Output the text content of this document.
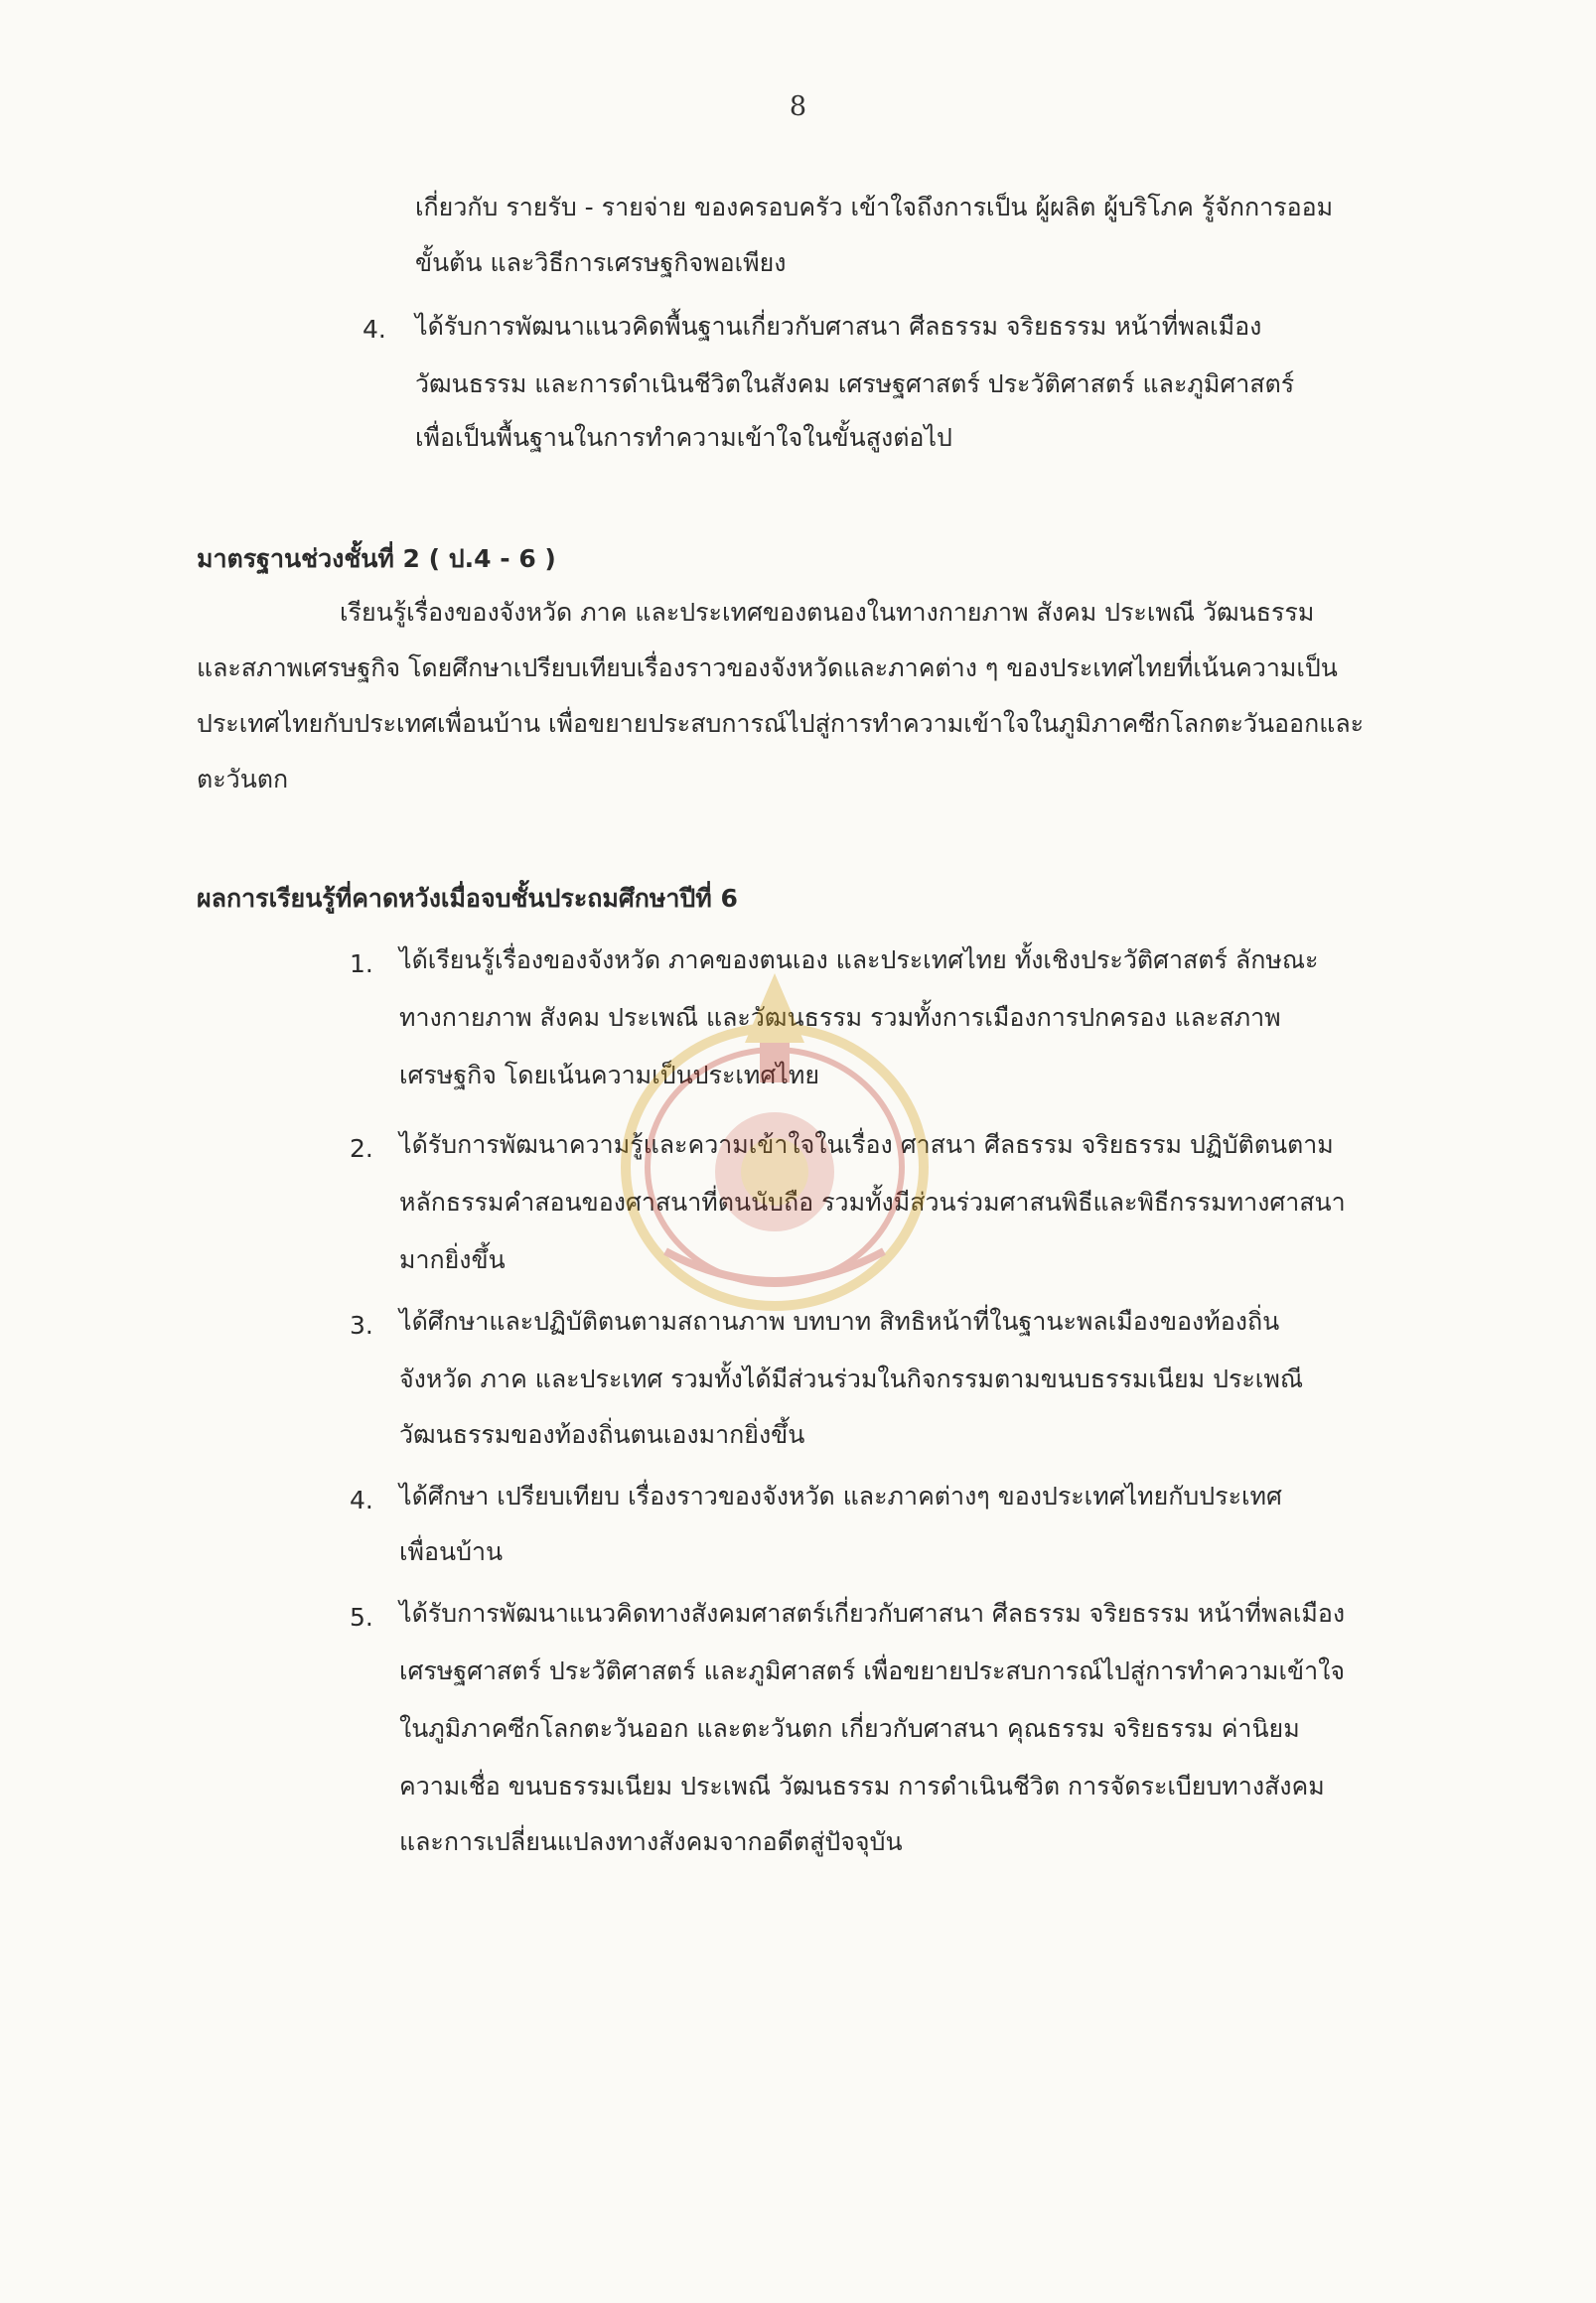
8
เกี่ยวกับ รายรับ - รายจ่าย ของครอบครัว เข้าใจถึงการเป็น ผู้ผลิต ผู้บริโภค รู้จักการออม
ขั้นต้น และวิธีการเศรษฐกิจพอเพียง
4. ได้รับการพัฒนาแนวคิดพื้นฐานเกี่ยวกับศาสนา ศีลธรรม จริยธรรม หน้าที่พลเมือง
วัฒนธรรม และการดำเนินชีวิตในสังคม เศรษฐศาสตร์ ประวัติศาสตร์ และภูมิศาสตร์
เพื่อเป็นพื้นฐานในการทำความเข้าใจในขั้นสูงต่อไป
มาตรฐานช่วงชั้นที่ 2 ( ป.4 - 6 )
เรียนรู้เรื่องของจังหวัด ภาค และประเทศของตนองในทางกายภาพ สังคม ประเพณี วัฒนธรรม
และสภาพเศรษฐกิจ โดยศึกษาเปรียบเทียบเรื่องราวของจังหวัดและภาคต่าง ๆ ของประเทศไทยที่เน้นความเป็น
ประเทศไทยกับประเทศเพื่อนบ้าน เพื่อขยายประสบการณ์ไปสู่การทำความเข้าใจในภูมิภาคซีกโลกตะวันออกและ
ตะวันตก
ผลการเรียนรู้ที่คาดหวังเมื่อจบชั้นประถมศึกษาปีที่ 6
1. ได้เรียนรู้เรื่องของจังหวัด ภาคของตนเอง และประเทศไทย ทั้งเชิงประวัติศาสตร์ ลักษณะ
ทางกายภาพ สังคม ประเพณี และวัฒนธรรม รวมทั้งการเมืองการปกครอง และสภาพ
เศรษฐกิจ โดยเน้นความเป็นประเทศไทย
2. ได้รับการพัฒนาความรู้และความเข้าใจในเรื่อง ศาสนา ศีลธรรม จริยธรรม ปฏิบัติตนตาม
หลักธรรมคำสอนของศาสนาที่ตนนับถือ รวมทั้งมีส่วนร่วมศาสนพิธีและพิธีกรรมทางศาสนา
มากยิ่งขึ้น
3. ได้ศึกษาและปฏิบัติตนตามสถานภาพ บทบาท สิทธิหน้าที่ในฐานะพลเมืองของท้องถิ่น
จังหวัด ภาค และประเทศ รวมทั้งได้มีส่วนร่วมในกิจกรรมตามขนบธรรมเนียม ประเพณี
วัฒนธรรมของท้องถิ่นตนเองมากยิ่งขึ้น
4. ได้ศึกษา เปรียบเทียบ เรื่องราวของจังหวัด และภาคต่างๆ ของประเทศไทยกับประเทศ
เพื่อนบ้าน
5. ได้รับการพัฒนาแนวคิดทางสังคมศาสตร์เกี่ยวกับศาสนา ศีลธรรม จริยธรรม หน้าที่พลเมือง
เศรษฐศาสตร์ ประวัติศาสตร์ และภูมิศาสตร์ เพื่อขยายประสบการณ์ไปสู่การทำความเข้าใจ
ในภูมิภาคซีกโลกตะวันออก และตะวันตก เกี่ยวกับศาสนา คุณธรรม จริยธรรม ค่านิยม
ความเชื่อ ขนบธรรมเนียม ประเพณี วัฒนธรรม การดำเนินชีวิต การจัดระเบียบทางสังคม
และการเปลี่ยนแปลงทางสังคมจากอดีตสู่ปัจจุบัน
